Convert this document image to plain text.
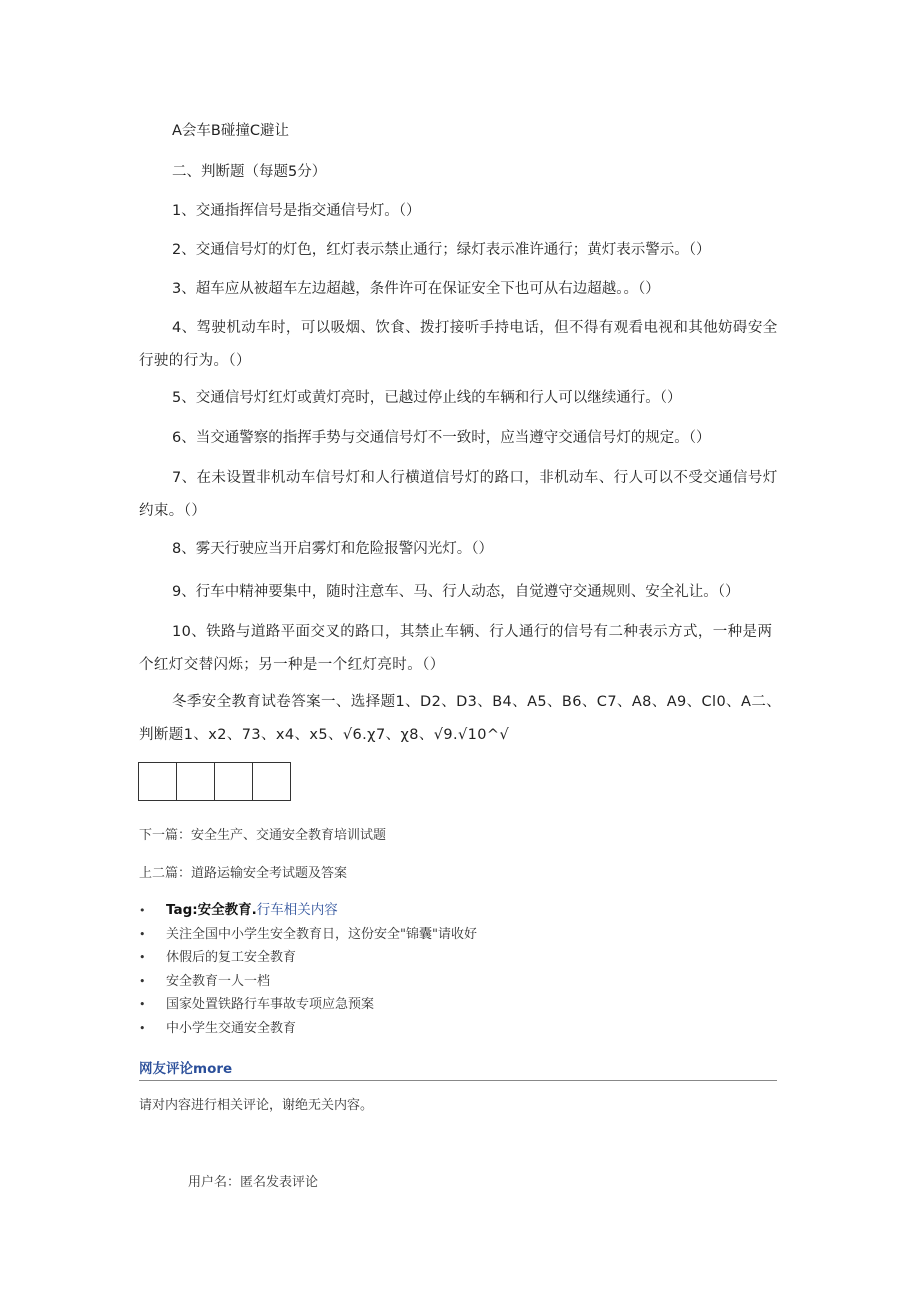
A会车B碰撞C避让
二、判断题（每题5分）
1、交通指挥信号是指交通信号灯。（）
2、交通信号灯的灯色，红灯表示禁止通行；绿灯表示准许通行；黄灯表示警示。（）
3、超车应从被超车左边超越，条件许可在保证安全下也可从右边超越。。（）
4、驾驶机动车时，可以吸烟、饮食、拨打接听手持电话，但不得有观看电视和其他妨碍安全行驶的行为。（）
5、交通信号灯红灯或黄灯亮时，已越过停止线的车辆和行人可以继续通行。（）
6、当交通警察的指挥手势与交通信号灯不一致时，应当遵守交通信号灯的规定。（）
7、在未设置非机动车信号灯和人行横道信号灯的路口，非机动车、行人可以不受交通信号灯约束。（）
8、雾天行驶应当开启雾灯和危险报警闪光灯。（）
9、行车中精神要集中，随时注意车、马、行人动态，自觉遵守交通规则、安全礼让。（）
10、铁路与道路平面交叉的路口，其禁止车辆、行人通行的信号有二种表示方式，一种是两个红灯交替闪烁；另一种是一个红灯亮时。（）
冬季安全教育试卷答案一、选择题1、D2、D3、B4、A5、B6、C7、A8、A9、Cl0、A二、判断题1、x2、73、x4、x5、√6.χ7、χ8、√9.√10^√
下一篇：安全生产、交通安全教育培训试题
上二篇：道路运输安全考试题及答案
• Tag:安全教育.行车相关内容
• 关注全国中小学生安全教育日，这份安全"锦囊"请收好
• 休假后的复工安全教育
• 安全教育一人一档
• 国家处置铁路行车事故专项应急预案
• 中小学生交通安全教育
网友评论more
请对内容进行相关评论，谢绝无关内容。
用户名：匿名发表评论
